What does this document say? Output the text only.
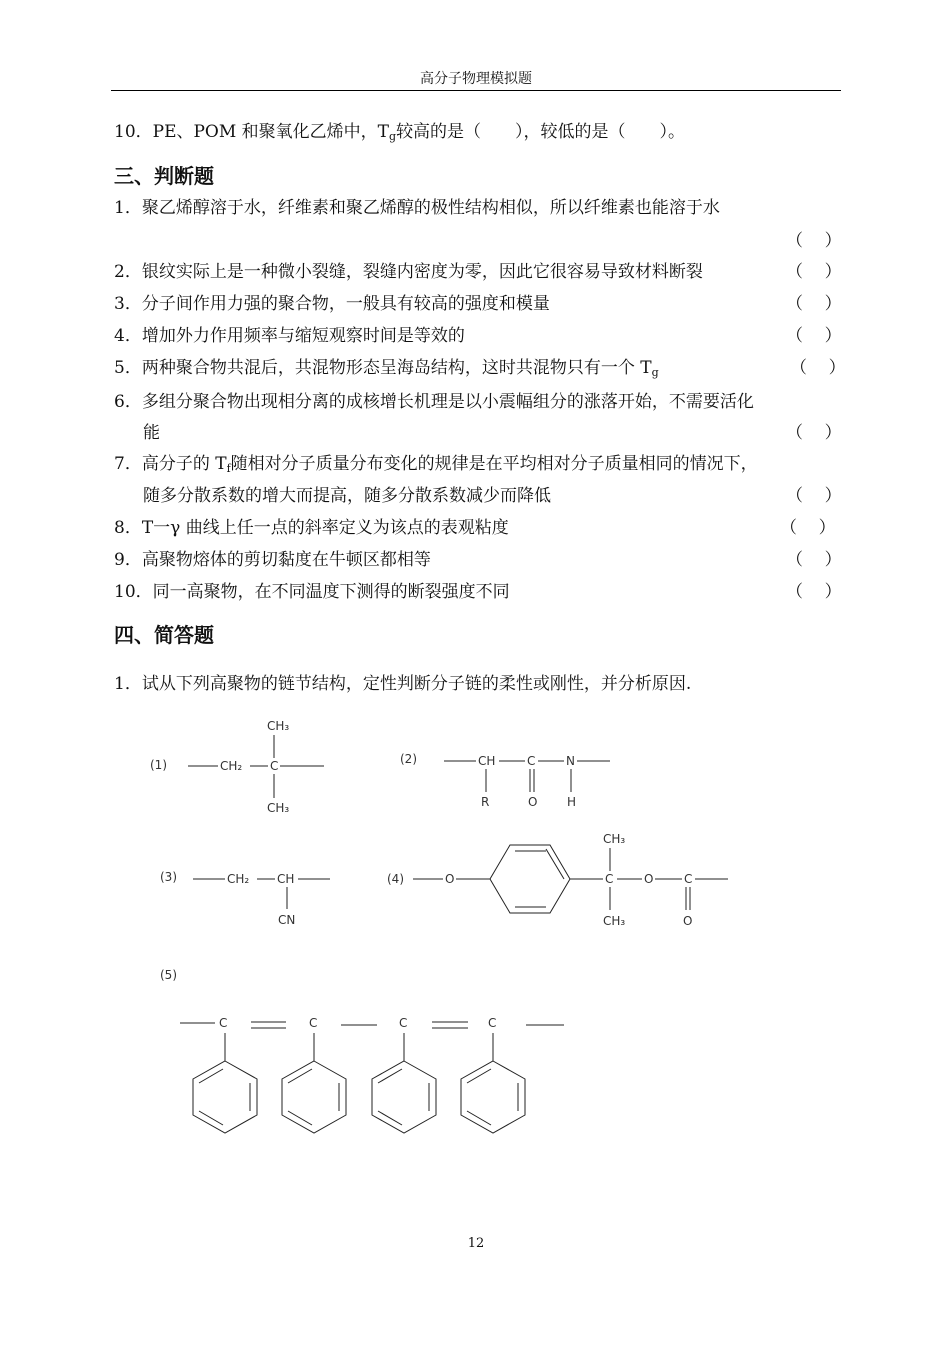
高分子物理模拟题
10．PE、POM 和聚氧化乙烯中，$T_g$较高的是（　　），较低的是（　　）。
三、判断题
1．聚乙烯醇溶于水，纤维素和聚乙烯醇的极性结构相似，所以纤维素也能溶于水
（    ）
2．银纹实际上是一种微小裂缝，裂缝内密度为零，因此它很容易导致材料断裂	（    ）
3．分子间作用力强的聚合物，一般具有较高的强度和模量	（    ）
4．增加外力作用频率与缩短观察时间是等效的	（    ）
5．两种聚合物共混后，共混物形态呈海岛结构，这时共混物只有一个 $T_g$	（    ）
6．多组分聚合物出现相分离的成核增长机理是以小震幅组分的涨落开始，不需要活化
能	（    ）
7．高分子的 $T_f$随相对分子质量分布变化的规律是在平均相对分子质量相同的情况下，
随多分散系数的增大而提高，随多分散系数减少而降低	（    ）
8．T一γ 曲线上任一点的斜率定义为该点的表观粘度	（    ）
9．高聚物熔体的剪切黏度在牛顿区都相等	（    ）
10．同一高聚物，在不同温度下测得的断裂强度不同	（    ）
四、简答题
1．试从下列高聚物的链节结构，定性判断分子链的柔性或刚性，并分析原因.
(1)	CH₂ C
CH₃
CH₃
(2)	CH	C	N
R	O H
(3)	CH₂ CH
CN
(4)	O	C
CH₃
CH₃
O	C
O
(5)
C	C	C	C
12
